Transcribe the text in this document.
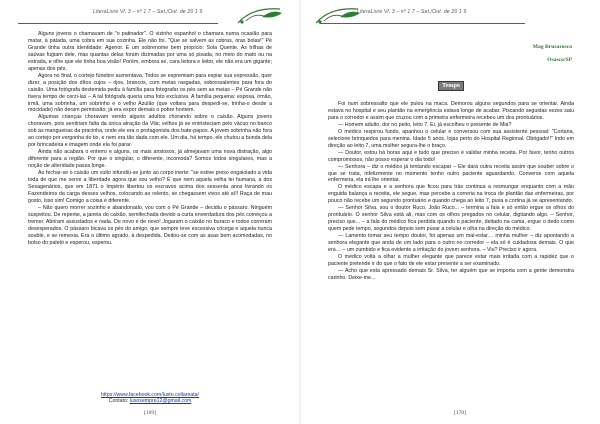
LiteraLivre Vl. 3 – nº 1 7 – Set./Out. de 20 1 9

Alguns jovens o chamavam de "o patinador". O vizinho espanhol o chamara numa ocasião para matar, à patada, uma cobra em sua cozinha. Ele não foi. "Que se salvem as cobras, oras bolas!" Pé Grande tinha outra identidade: Agenor. E um sobrenome bem propício: Sola Quente. As trilhas de saúvas fugiam dele, mas quantas delas foram dizimadas por uma só pisada, no meio do mato ou na estrada, e olhe que ele tinha boa visão! Porém, embora se, cara leitora e leitor, ele não era um gigante; apenas dos pés.

Agora no final, o cortejo fúnebre aumentava. Todos se espremiam para espiar sua expressão, quer dizer, a posição dos dítos cujos – rijos, brancos, com meias rasgadas, sobressalentes para fora do caixão. Uma fotógrafa destemida pediu à família para fotografar os pés sem as meias – Pé Grande não tivera tempo de cerzi-las – A tal fotógrafa queria uma foto exclusiva. A família pequena: esposa, irmão, irmã, uma sobrinha, um sobrinho e o velho Azulão (que voltara para despedi-se, trinha-o desde a mocidade) não deram permissão; já era expor demais o pobre homem.

Algumas crianças choravam vendo alguns adultos chorando sobre o caixão. Alguns jovens choravam, pois sentiriam falta da única atração da Vila; velhos já se entristeciam pelo vácuo no banco sob as mangueiras da pracinha, onde ele era o protagonista dos bate-papos. A jovem sobrinha não fora ao cortejo por vergonha do tio, e nem era tão dada com ele. Um dia, há tempo, ele chutou a bunda dela por brincadeira e imagem onde ela foi parar.

Ainda não acabara o enterro e alguns, os mais ansiosos, já almejavam uma nova distração, algo diferente para a região. Por que o singular, o diferente, incomoda? Somos todos singulares, mas a noção de alteridade passa longe.

Ao fechar-se o caixão um vulto infundiu-se junto ao corpo inerte: "se estive preso engaiolado a vida toda de que me serve a liberdade agora que sou velho? É que nem aquela velha lei humana, a dos Sexagenários, que em 1871 o Império libertou os escravos acima dos sessenta anos livrando os Fazendeiros da carga desses velhos, colocando ao relento, se chegassem vivos até aí!! Raça de mau gosto, isso sim! Comigo a coisa é diferente.

– Não quero morrer sozinho e abandonado, vou com o Pé Grande – decidiu o pássaro. Ninguém suspeitou. De repente, a janela do caixão, semifechada devido a curta enverdadura dos pés começou a tremer. Abriram assustados e nada. De novo e de novo! Jogaram o caixão no buraco e todos correram desesperados. O pássaro bicava os pés do amigo, que sempre teve excessiva cócega e aquela nunca souble, e se remexia. Era o último agrado, à despedida. Deitou-se com as asas bem acomodadas, no bolso do paletó e esperou, esperou.

https://www.facebook.com/lusto.collareata/
Contato: lusosempre12@gmail.com
[169]
LiteraLivre Vl. 3 – nº 1 7 – Set./Out. de 20 1 9
Mag Brusarosco
Osasco/SP
Tempo

Foi num sobressalto que ele pulou na maca. Demorou alguns segundos para se orientar. Ainda estava no hospital e seu plantão na emergência estava longe de acabar. Piscando seguidas vezes saiu para o corredor e assim que cruzou com a primeira enfermeira recebeu um dos prontuários.

— Homem adulto, dor no peito, leito 7. Ei, já escolheu o presente de Mia?

O médico respirou fundo, apanhou o celular e conversou com sua assistente pessoal: "Cortana, selecione brinquedos para menina. Idade 5 anos, lojas perto do Hospital Regional. Obrigado!!" Indo em direção ao leito 7, uma mulher segura-lhe o braço.

— Doutor, estou há horas aqui e tudo que preciso é validar minha receita. Por favor, tenho outros compromissos, não posso esperar o dia todo!

— Senhora – diz o médico já tentando escapar – Ele dará outra receita assim que souber sobre o que se trata, infelizmente no momento tenho outro paciente aguardando. Converse com aquela enfermeira, ela irá lhe orientar.

O médico escapa e a senhora que ficou para trás continua a resmungar enquanto com a mão enguida balança a receita, ele segue, mas percebe a correria na troca de plantão das enfermeiras, por pouco não recebe um segundo prontuário e quando chega ao leito 7, puxa a cortina já se apresentando.

— Senhor Silva, sou o doutor Ruco. João Ruco... – termina a fala e só então ergue os olhos do prontuário. O senhor Silva está ali, mas com os olhos pregados no celular, digitando algo. – Senhor, preciso que... – a fala do médico fica perdida quando o paciente, deitado na cama, ergue o dedo como quem pede tempo, segundos depois sem puxar a celular e olha na direção do médico.

— Lamento tomar seu tempo doutor, foi apenas um mal-estar… minha mulher – diz apontando a senhora elegante que anda de um lado para o outro no corredor – ela só é cuidadosa demais. O que era… – um zumbido e fica evidente a irritação do jovem senhora. – Viu? Preciso ir agora.

O médico volta a olhar a mulher elegante que parece estar mais irritada com a rapidez que o paciente pretende ir do que o fato de ele estar presente a ser examinado.

— Acho que esta apressado demais Sr. Silva, ter alguém que se importa com a gente demonstra carinho. Deixe-me...

[170]
